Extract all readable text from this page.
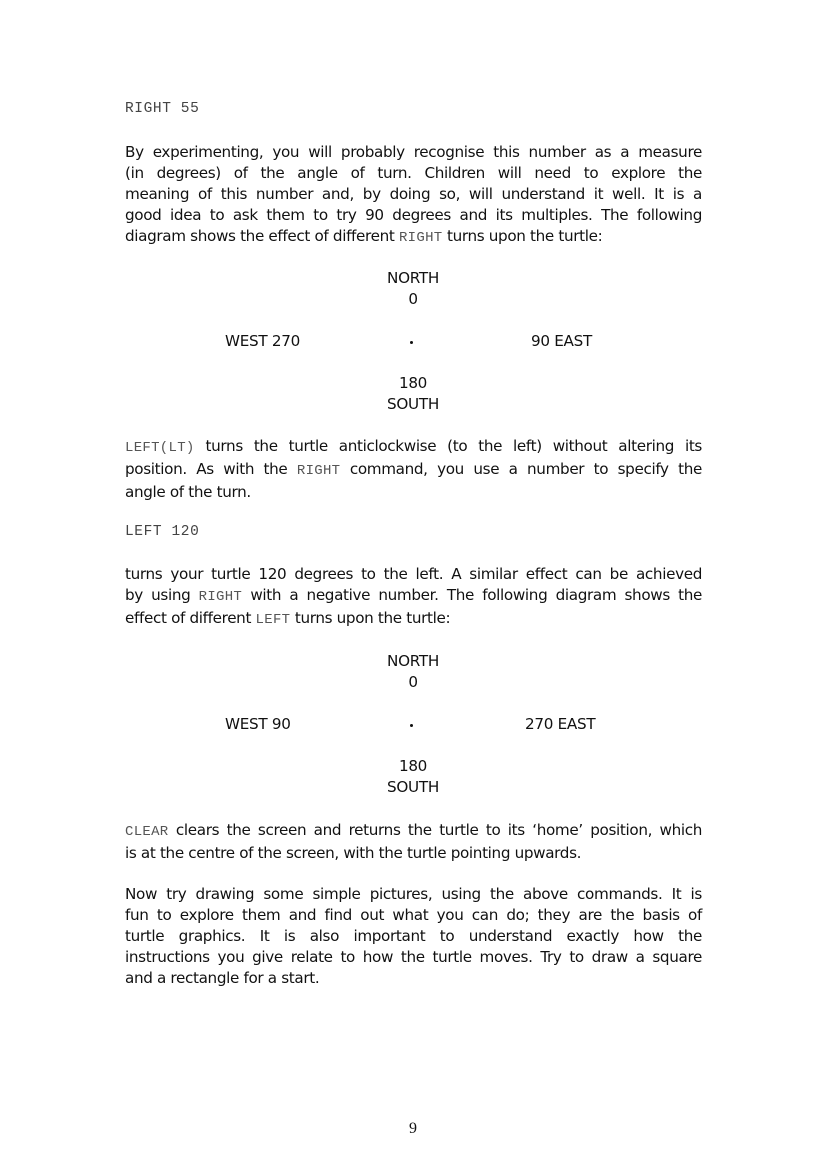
RIGHT 55
By experimenting, you will probably recognise this number as a measure
(in degrees) of the angle of turn. Children will need to explore the
meaning of this number and, by doing so, will understand it well. It is a
good idea to ask them to try 90 degrees and its multiples. The following
diagram shows the effect of different RIGHT turns upon the turtle:
NORTH
0
WEST 270	90 EAST
180
SOUTH
LEFT(LT) turns the turtle anticlockwise (to the left) without altering its
position. As with the RIGHT command, you use a number to specify the
angle of the turn.
LEFT 120
turns your turtle 120 degrees to the left. A similar effect can be achieved
by using RIGHT with a negative number. The following diagram shows the
effect of different LEFT turns upon the turtle:
NORTH
0
WEST 90	270 EAST
180
SOUTH
CLEAR clears the screen and returns the turtle to its ‘home’ position, which
is at the centre of the screen, with the turtle pointing upwards.
Now try drawing some simple pictures, using the above commands. It is
fun to explore them and find out what you can do; they are the basis of
turtle graphics. It is also important to understand exactly how the
instructions you give relate to how the turtle moves. Try to draw a square
and a rectangle for a start.
9
